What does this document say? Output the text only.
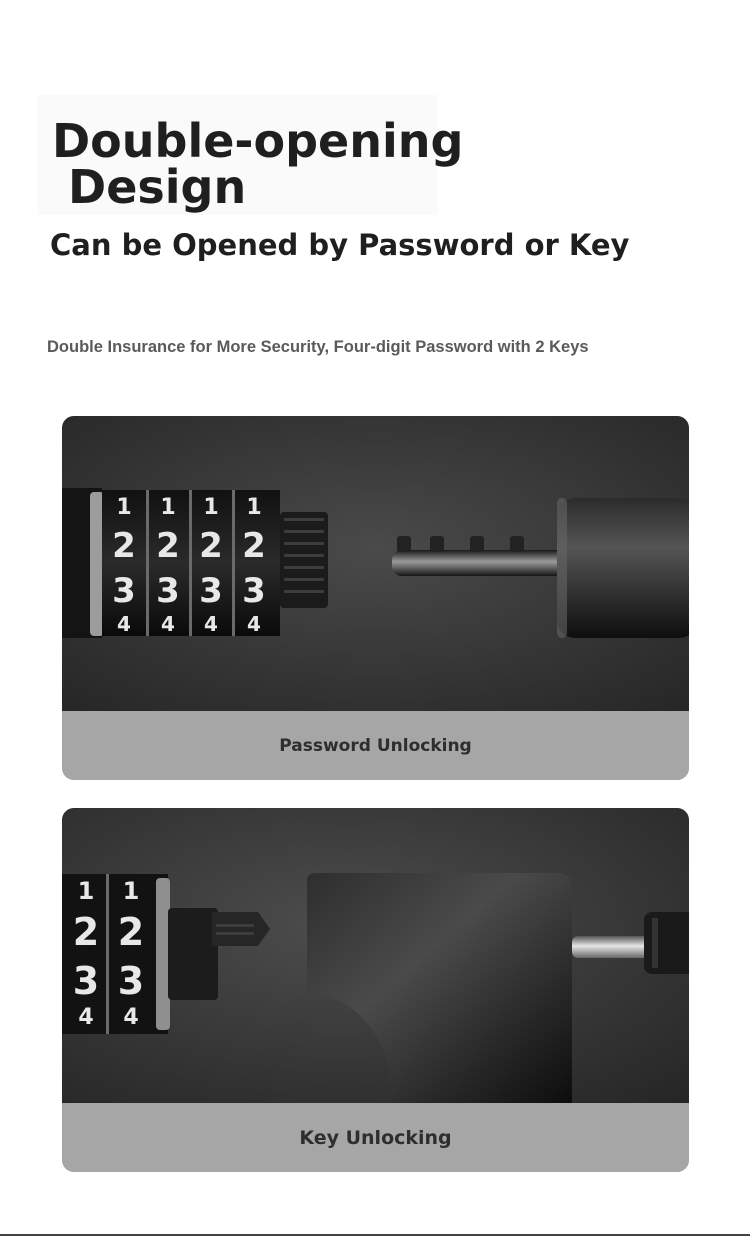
Double-opening
Design
Can be Opened by Password or Key

Double Insurance for More Security, Four-digit Password with 2 Keys

1
2
3
4
1
2
3
4
1
2
3
4
1
2
3
4
Password Unlocking
1
2
3
4
1
2
3
4
Key Unlocking
